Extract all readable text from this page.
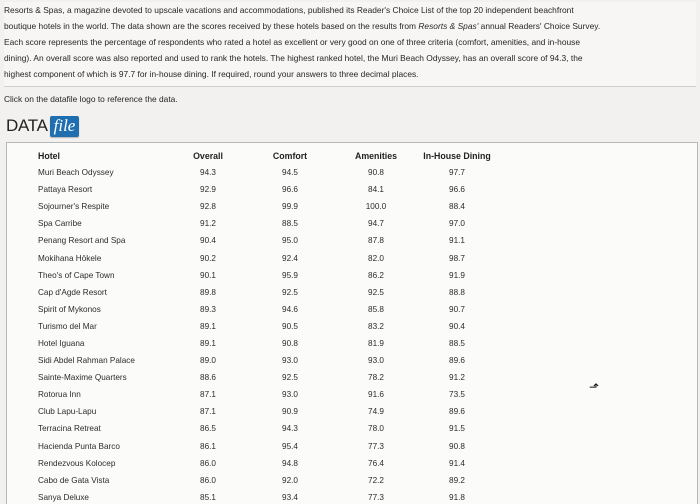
Resorts & Spas, a magazine devoted to upscale vacations and accommodations, published its Reader's Choice List of the top 20 independent beachfront
boutique hotels in the world. The data shown are the scores received by these hotels based on the results from Resorts & Spas' annual Readers' Choice Survey.
Each score represents the percentage of respondents who rated a hotel as excellent or very good on one of three criteria (comfort, amenities, and in-house
dining). An overall score was also reported and used to rank the hotels. The highest ranked hotel, the Muri Beach Odyssey, has an overall score of 94.3, the
highest component of which is 97.7 for in-house dining. If required, round your answers to three decimal places.
Click on the datafile logo to reference the data.
DATA file
Hotel	Overall	Comfort	Amenities	In-House Dining
Muri Beach Odyssey	94.3	94.5	90.8	97.7
Pattaya Resort	92.9	96.6	84.1	96.6
Sojourner's Respite	92.8	99.9	100.0	88.4
Spa Carribe	91.2	88.5	94.7	97.0
Penang Resort and Spa	90.4	95.0	87.8	91.1
Mokihana Hōkele	90.2	92.4	82.0	98.7
Theo's of Cape Town	90.1	95.9	86.2	91.9
Cap d'Agde Resort	89.8	92.5	92.5	88.8
Spirit of Mykonos	89.3	94.6	85.8	90.7
Turismo del Mar	89.1	90.5	83.2	90.4
Hotel Iguana	89.1	90.8	81.9	88.5
Sidi Abdel Rahman Palace	89.0	93.0	93.0	89.6
Sainte-Maxime Quarters	88.6	92.5	78.2	91.2
Rotorua Inn	87.1	93.0	91.6	73.5
Club Lapu-Lapu	87.1	90.9	74.9	89.6
Terracina Retreat	86.5	94.3	78.0	91.5
Hacienda Punta Barco	86.1	95.4	77.3	90.8
Rendezvous Kolocep	86.0	94.8	76.4	91.4
Cabo de Gata Vista	86.0	92.0	72.2	89.2
Sanya Deluxe	85.1	93.4	77.3	91.8
⬏
